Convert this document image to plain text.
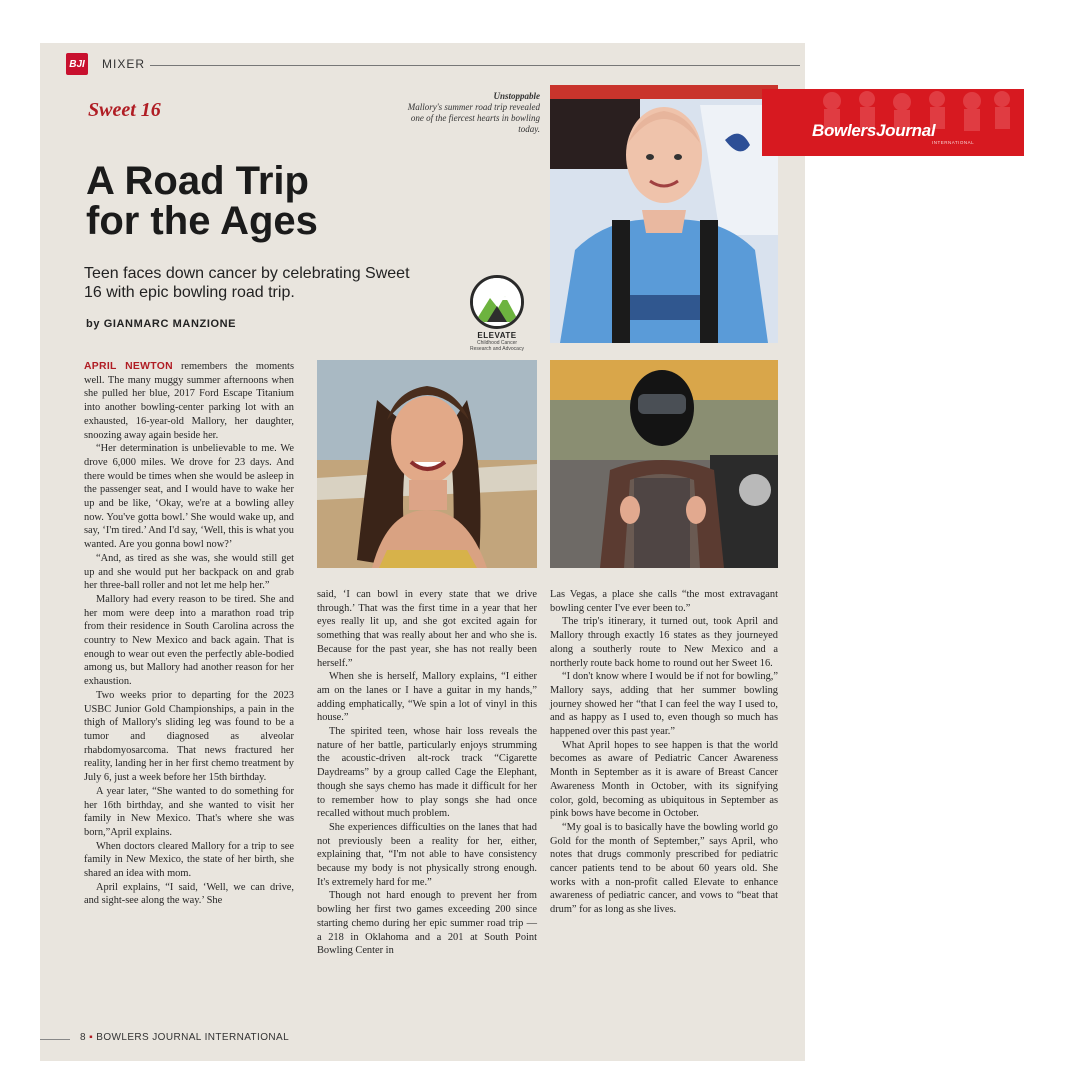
BJI MIXER
Sweet 16
A Road Trip
for the Ages
Teen faces down cancer by celebrating Sweet 16 with epic bowling road trip.
by GIANMARC MANZIONE
Unstoppable
Mallory's summer road trip revealed one of the fiercest hearts in bowling today.
ELEVATE
Childhood Cancer Research and Advocacy

APRIL NEWTON remembers the moments well. The many muggy summer afternoons when she pulled her blue, 2017 Ford Escape Titanium into another bowling-center parking lot with an exhausted, 16-year-old Mallory, her daughter, snoozing away again beside her.

“Her determination is unbelievable to me. We drove 6,000 miles. We drove for 23 days. And there would be times when she would be asleep in the passenger seat, and I would have to wake her up and be like, ‘Okay, we're at a bowling alley now. You've gotta bowl.’ She would wake up, and say, ‘I'm tired.’ And I'd say, ‘Well, this is what you wanted. Are you gonna bowl now?’

“And, as tired as she was, she would still get up and she would put her backpack on and grab her three-ball roller and not let me help her.”

Mallory had every reason to be tired. She and her mom were deep into a marathon road trip from their residence in South Carolina across the country to New Mexico and back again. That is enough to wear out even the perfectly able-bodied among us, but Mallory had another reason for her exhaustion.

Two weeks prior to departing for the 2023 USBC Junior Gold Championships, a pain in the thigh of Mallory's sliding leg was found to be a tumor and diagnosed as alveolar rhabdomyosarcoma. That news fractured her reality, landing her in her first chemo treatment by July 6, just a week before her 15th birthday.

A year later, “She wanted to do something for her 16th birthday, and she wanted to visit her family in New Mexico. That's where she was born,”April explains.

When doctors cleared Mallory for a trip to see family in New Mexico, the state of her birth, she shared an idea with mom.

April explains, “I said, ‘Well, we can drive, and sight-see along the way.’ She

said, ‘I can bowl in every state that we drive through.’ That was the first time in a year that her eyes really lit up, and she got excited again for something that was really about her and who she is. Because for the past year, she has not really been herself.”

When she is herself, Mallory explains, “I either am on the lanes or I have a guitar in my hands,” adding emphatically, “We spin a lot of vinyl in this house.”

The spirited teen, whose hair loss reveals the nature of her battle, particularly enjoys strumming the acoustic-driven alt-rock track “Cigarette Daydreams” by a group called Cage the Elephant, though she says chemo has made it difficult for her to remember how to play songs she had once recalled without much problem.

She experiences difficulties on the lanes that had not previously been a reality for her, either, explaining that, “I'm not able to have consistency because my body is not physically strong enough. It's extremely hard for me.”

Though not hard enough to prevent her from bowling her first two games exceeding 200 since starting chemo during her epic summer road trip — a 218 in Oklahoma and a 201 at South Point Bowling Center in

Las Vegas, a place she calls “the most extravagant bowling center I've ever been to.”

The trip's itinerary, it turned out, took April and Mallory through exactly 16 states as they journeyed along a southerly route to New Mexico and a northerly route back home to round out her Sweet 16.

“I don't know where I would be if not for bowling,” Mallory says, adding that her summer bowling journey showed her “that I can feel the way I used to, and as happy as I used to, even though so much has happened over this past year.”

What April hopes to see happen is that the world becomes as aware of Pediatric Cancer Awareness Month in September as it is aware of Breast Cancer Awareness Month in October, with its signifying color, gold, becoming as ubiquitous in September as pink bows have become in October.

“My goal is to basically have the bowling world go Gold for the month of September,” says April, who notes that drugs commonly prescribed for pediatric cancer patients tend to be about 60 years old. She works with a non-profit called Elevate to enhance awareness of pediatric cancer, and vows to “beat that drum” for as long as she lives.

8 ▪ BOWLERS JOURNAL INTERNATIONAL
BowlersJournal
INTERNATIONAL
